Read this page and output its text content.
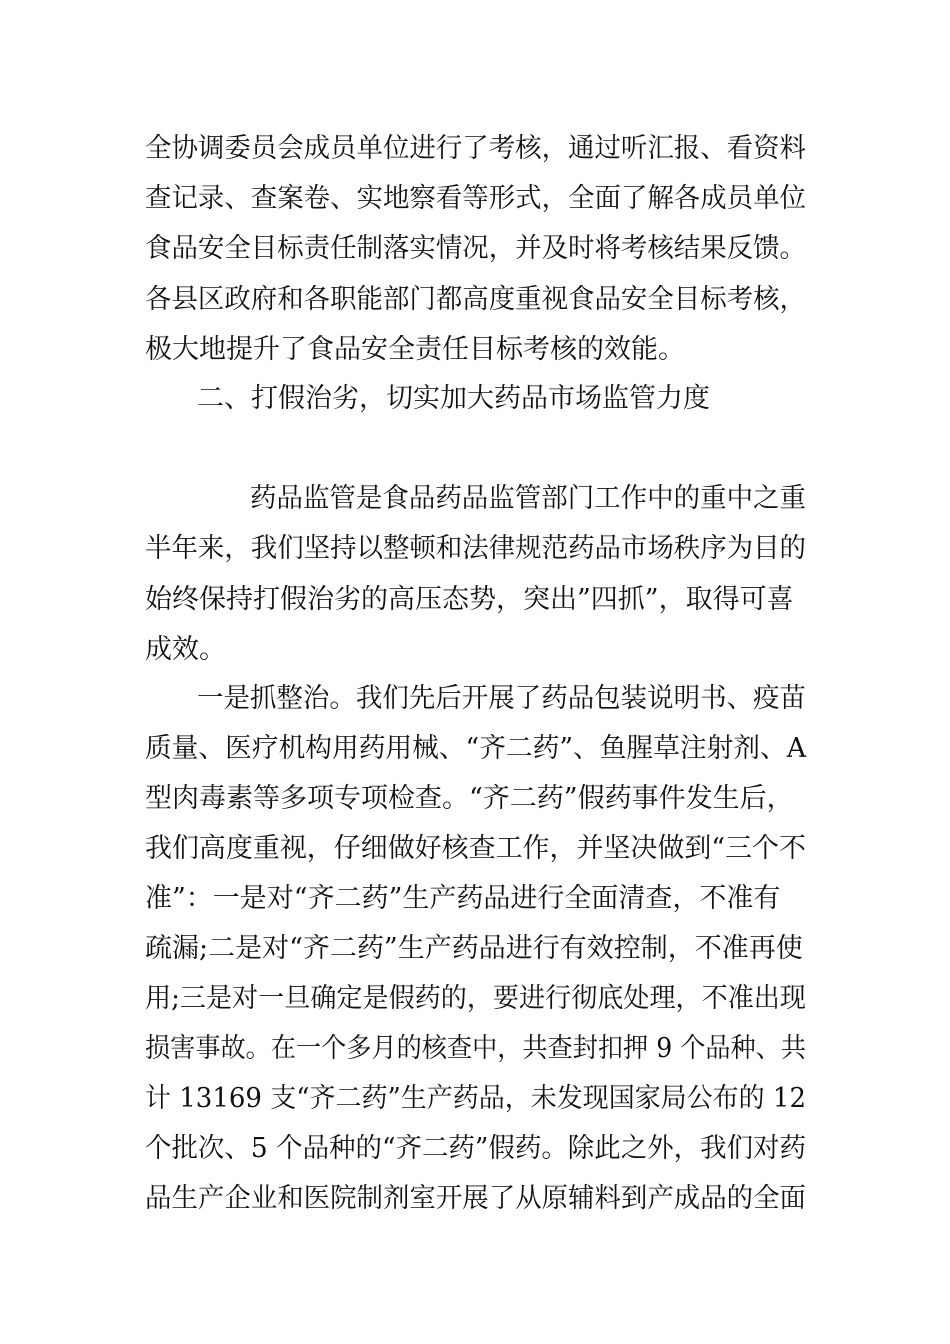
全协调委员会成员单位进行了考核，通过听汇报、看资料

查记录、查案卷、实地察看等形式，全面了解各成员单位

食品安全目标责任制落实情况，并及时将考核结果反馈。

各县区政府和各职能部门都高度重视食品安全目标考核，

极大地提升了食品安全责任目标考核的效能。

二、打假治劣，切实加大药品市场监管力度

药品监管是食品药品监管部门工作中的重中之重

半年来，我们坚持以整顿和法律规范药品市场秩序为目的

始终保持打假治劣的高压态势，突出”四抓”，取得可喜

成效。

一是抓整治。我们先后开展了药品包装说明书、疫苗

质量、医疗机构用药用械、“齐二药”、鱼腥草注射剂、A

型肉毒素等多项专项检查。“齐二药”假药事件发生后，

我们高度重视，仔细做好核查工作，并坚决做到“三个不

准”：一是对“齐二药”生产药品进行全面清查，不准有

疏漏;二是对“齐二药”生产药品进行有效控制，不准再使

用;三是对一旦确定是假药的，要进行彻底处理，不准出现

损害事故。在一个多月的核查中，共查封扣押 9 个品种、共

计 13169 支“齐二药”生产药品，未发现国家局公布的 12

个批次、5 个品种的“齐二药”假药。除此之外，我们对药

品生产企业和医院制剂室开展了从原辅料到产成品的全面
